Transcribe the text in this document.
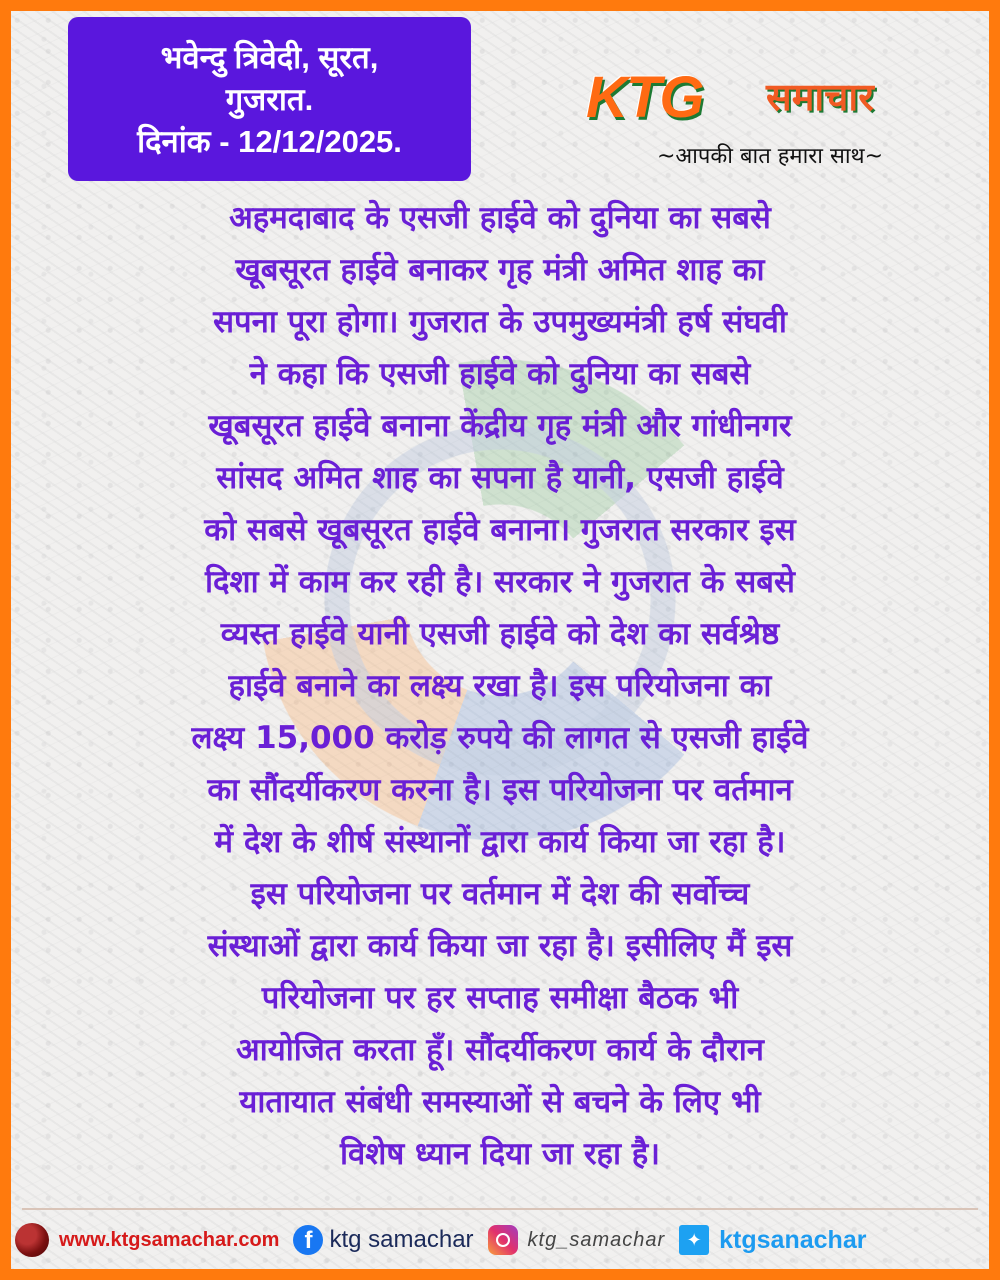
भवेन्दु त्रिवेदी, सूरत,
गुजरात.
दिनांक - 12/12/2025.
KTG समाचार
~आपकी बात हमारा साथ~
अहमदाबाद के एसजी हाईवे को दुनिया का सबसे
खूबसूरत हाईवे बनाकर गृह मंत्री अमित शाह का
सपना पूरा होगा। गुजरात के उपमुख्यमंत्री हर्ष संघवी
ने कहा कि एसजी हाईवे को दुनिया का सबसे
खूबसूरत हाईवे बनाना केंद्रीय गृह मंत्री और गांधीनगर
सांसद अमित शाह का सपना है यानी, एसजी हाईवे
को सबसे खूबसूरत हाईवे बनाना। गुजरात सरकार इस
दिशा में काम कर रही है। सरकार ने गुजरात के सबसे
व्यस्त हाईवे यानी एसजी हाईवे को देश का सर्वश्रेष्ठ
हाईवे बनाने का लक्ष्य रखा है। इस परियोजना का
लक्ष्य 15,000 करोड़ रुपये की लागत से एसजी हाईवे
का सौंदर्यीकरण करना है। इस परियोजना पर वर्तमान
में देश के शीर्ष संस्थानों द्वारा कार्य किया जा रहा है।
इस परियोजना पर वर्तमान में देश की सर्वोच्च
संस्थाओं द्वारा कार्य किया जा रहा है। इसीलिए मैं इस
परियोजना पर हर सप्ताह समीक्षा बैठक भी
आयोजित करता हूँ। सौंदर्यीकरण कार्य के दौरान
यातायात संबंधी समस्याओं से बचने के लिए भी
विशेष ध्यान दिया जा रहा है।
www.ktgsamachar.com	f ktg samachar	ktg_samachar	✦ ktgsanachar
